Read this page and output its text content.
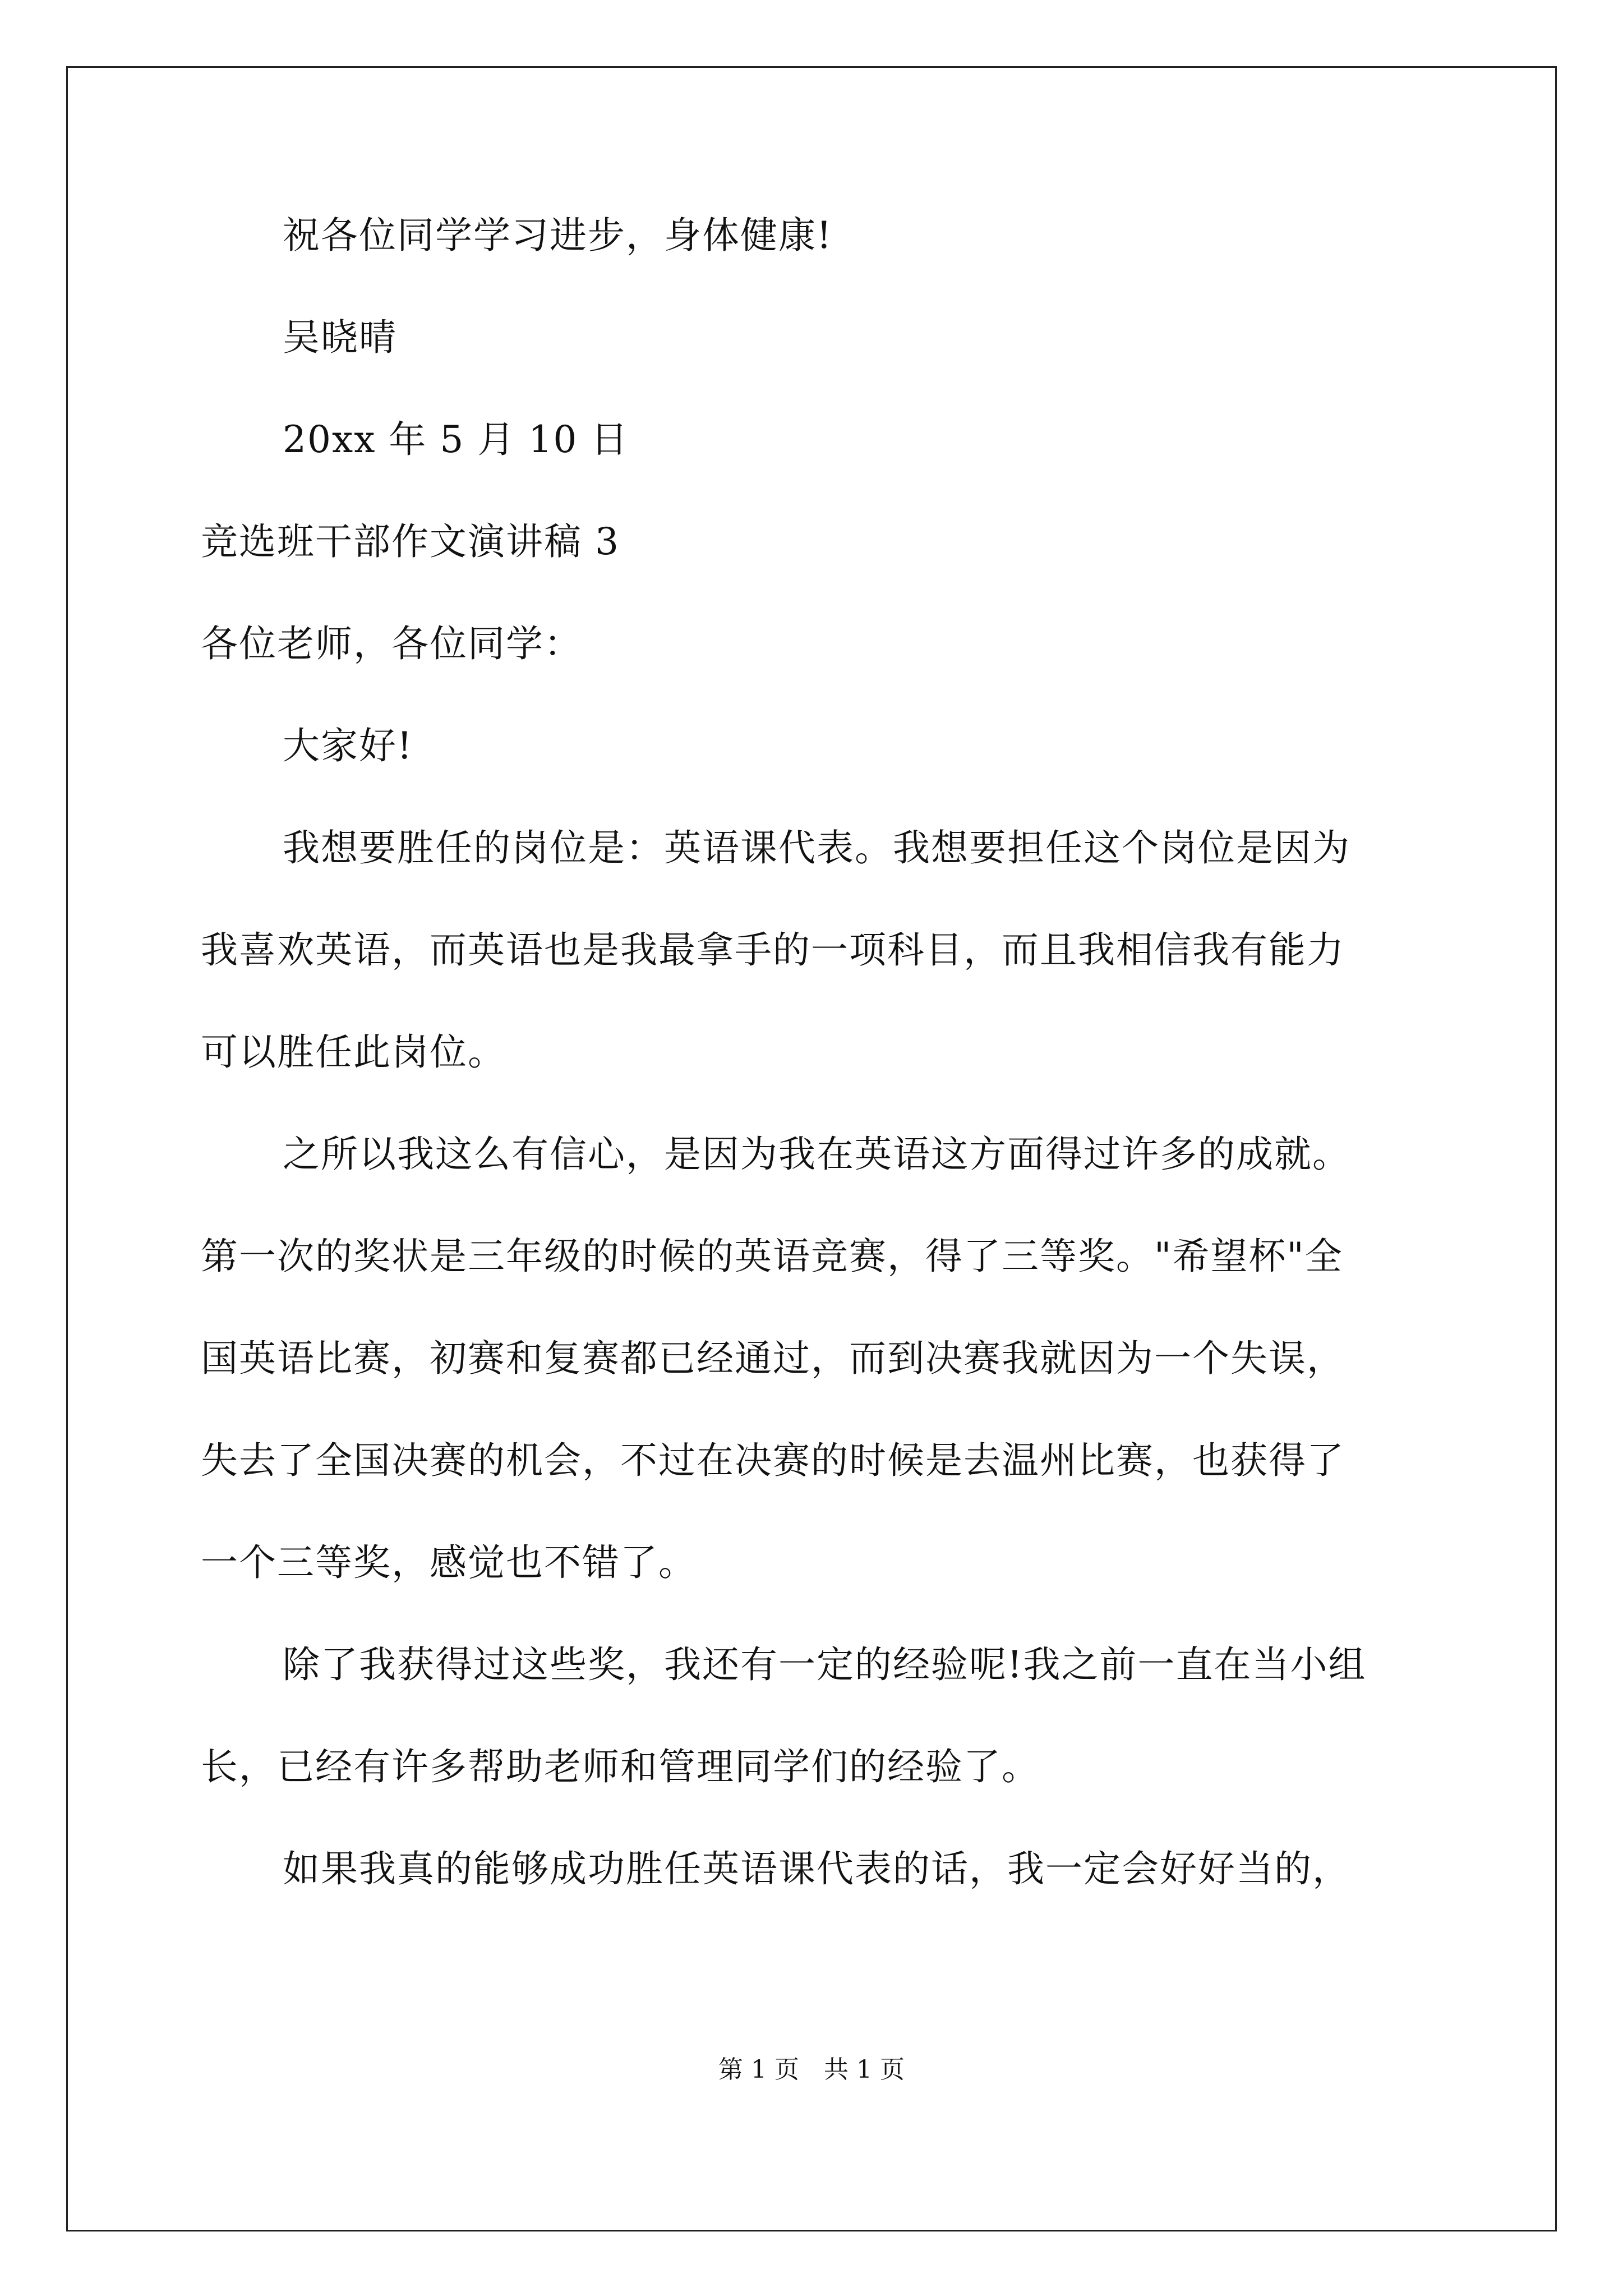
祝各位同学学习进步，身体健康!
吴晓晴
20xx 年 5 月 10 日
竞选班干部作文演讲稿 3
各位老师，各位同学：
大家好!
我想要胜任的岗位是：英语课代表。我想要担任这个岗位是因为
我喜欢英语，而英语也是我最拿手的一项科目，而且我相信我有能力
可以胜任此岗位。
之所以我这么有信心，是因为我在英语这方面得过许多的成就。
第一次的奖状是三年级的时候的英语竞赛，得了三等奖。"希望杯"全
国英语比赛，初赛和复赛都已经通过，而到决赛我就因为一个失误，
失去了全国决赛的机会，不过在决赛的时候是去温州比赛，也获得了
一个三等奖，感觉也不错了。
除了我获得过这些奖，我还有一定的经验呢!我之前一直在当小组
长，已经有许多帮助老师和管理同学们的经验了。
如果我真的能够成功胜任英语课代表的话，我一定会好好当的，
第 1 页　共 1 页
